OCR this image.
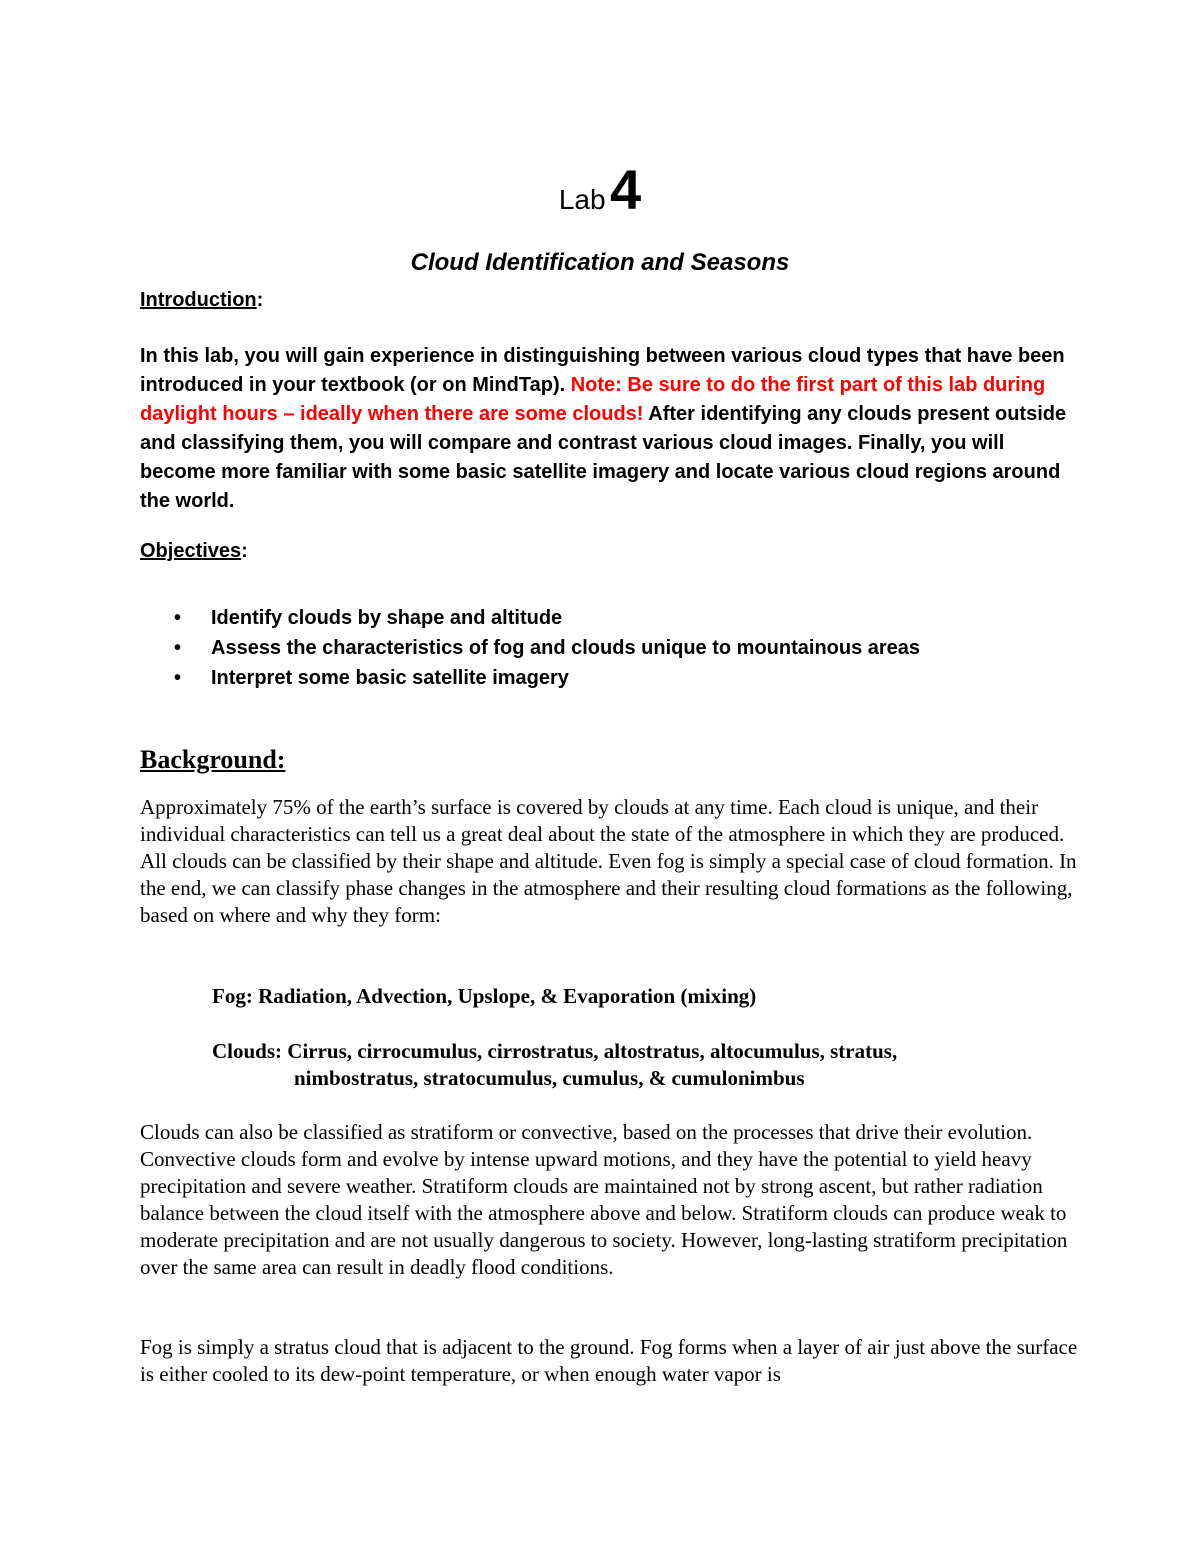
Lab 4
Cloud Identification and Seasons
Introduction:
In this lab, you will gain experience in distinguishing between various cloud types that have been introduced in your textbook (or on MindTap). Note: Be sure to do the first part of this lab during daylight hours – ideally when there are some clouds! After identifying any clouds present outside and classifying them, you will compare and contrast various cloud images. Finally, you will become more familiar with some basic satellite imagery and locate various cloud regions around the world.
Objectives:
• Identify clouds by shape and altitude
• Assess the characteristics of fog and clouds unique to mountainous areas
• Interpret some basic satellite imagery
Background:
Approximately 75% of the earth’s surface is covered by clouds at any time. Each cloud is unique, and their individual characteristics can tell us a great deal about the state of the atmosphere in which they are produced. All clouds can be classified by their shape and altitude. Even fog is simply a special case of cloud formation. In the end, we can classify phase changes in the atmosphere and their resulting cloud formations as the following, based on where and why they form:
Fog: Radiation, Advection, Upslope, & Evaporation (mixing)
Clouds: Cirrus, cirrocumulus, cirrostratus, altostratus, altocumulus, stratus,
nimbostratus, stratocumulus, cumulus, & cumulonimbus
Clouds can also be classified as stratiform or convective, based on the processes that drive their evolution. Convective clouds form and evolve by intense upward motions, and they have the potential to yield heavy precipitation and severe weather. Stratiform clouds are maintained not by strong ascent, but rather radiation balance between the cloud itself with the atmosphere above and below. Stratiform clouds can produce weak to moderate precipitation and are not usually dangerous to society. However, long-lasting stratiform precipitation over the same area can result in deadly flood conditions.
Fog is simply a stratus cloud that is adjacent to the ground. Fog forms when a layer of air just above the surface is either cooled to its dew-point temperature, or when enough water vapor is
